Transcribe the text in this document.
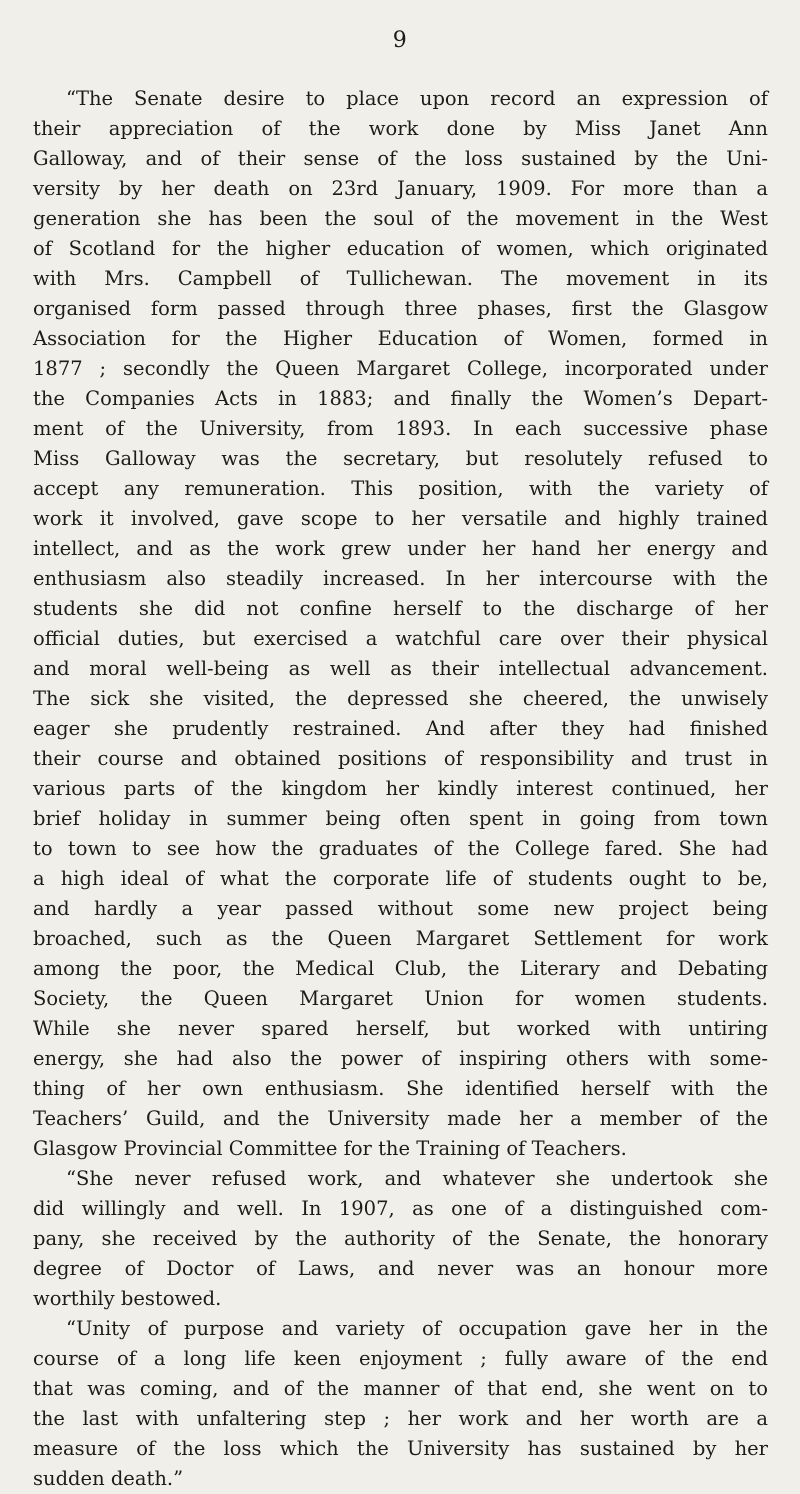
9
“The Senate desire to place upon record an expression of
their appreciation of the work done by Miss Janet Ann
Galloway, and of their sense of the loss sustained by the Uni-
versity by her death on 23rd January, 1909. For more than a
generation she has been the soul of the movement in the West
of Scotland for the higher education of women, which originated
with Mrs. Campbell of Tullichewan. The movement in its
organised form passed through three phases, first the Glasgow
Association for the Higher Education of Women, formed in
1877 ; secondly the Queen Margaret College, incorporated under
the Companies Acts in 1883; and finally the Women’s Depart-
ment of the University, from 1893. In each successive phase
Miss Galloway was the secretary, but resolutely refused to
accept any remuneration. This position, with the variety of
work it involved, gave scope to her versatile and highly trained
intellect, and as the work grew under her hand her energy and
enthusiasm also steadily increased. In her intercourse with the
students she did not confine herself to the discharge of her
official duties, but exercised a watchful care over their physical
and moral well-being as well as their intellectual advancement.
The sick she visited, the depressed she cheered, the unwisely
eager she prudently restrained. And after they had finished
their course and obtained positions of responsibility and trust in
various parts of the kingdom her kindly interest continued, her
brief holiday in summer being often spent in going from town
to town to see how the graduates of the College fared. She had
a high ideal of what the corporate life of students ought to be,
and hardly a year passed without some new project being
broached, such as the Queen Margaret Settlement for work
among the poor, the Medical Club, the Literary and Debating
Society, the Queen Margaret Union for women students.
While she never spared herself, but worked with untiring
energy, she had also the power of inspiring others with some-
thing of her own enthusiasm. She identified herself with the
Teachers’ Guild, and the University made her a member of the
Glasgow Provincial Committee for the Training of Teachers.
“She never refused work, and whatever she undertook she
did willingly and well. In 1907, as one of a distinguished com-
pany, she received by the authority of the Senate, the honorary
degree of Doctor of Laws, and never was an honour more
worthily bestowed.
“Unity of purpose and variety of occupation gave her in the
course of a long life keen enjoyment ; fully aware of the end
that was coming, and of the manner of that end, she went on to
the last with unfaltering step ; her work and her worth are a
measure of the loss which the University has sustained by her
sudden death.”
